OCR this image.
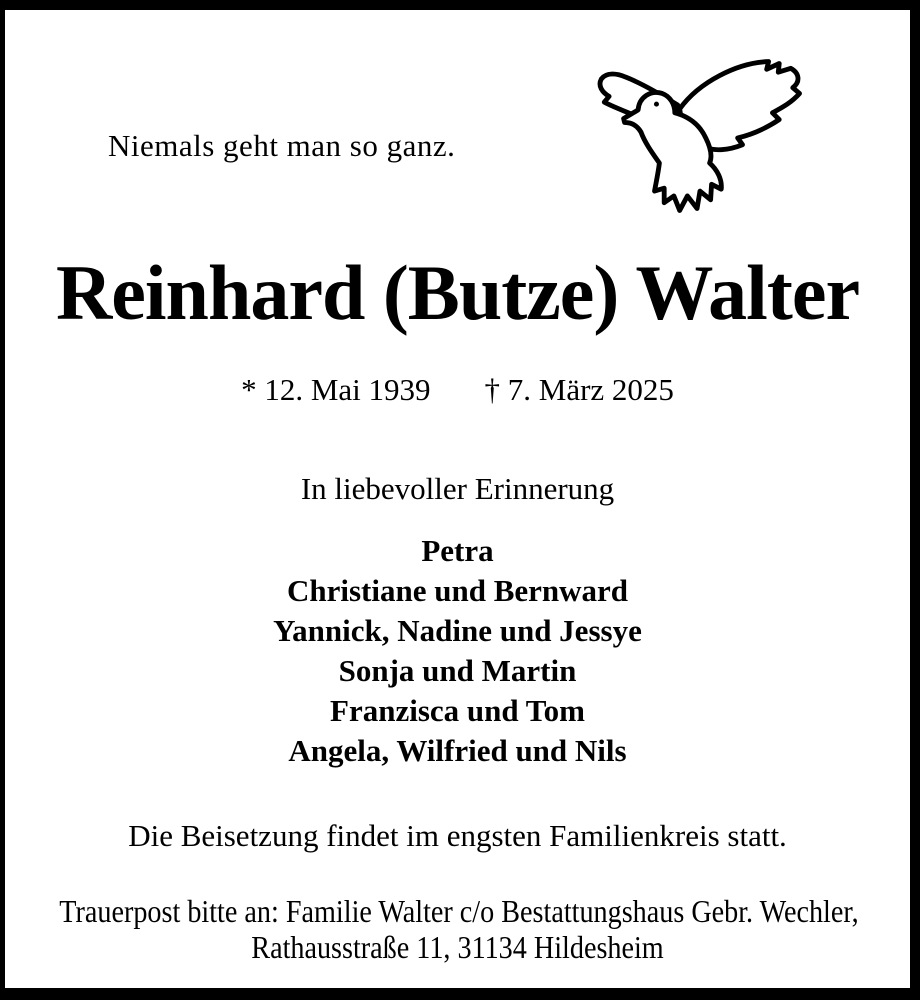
Niemals geht man so ganz.
Reinhard (Butze) Walter
* 12. Mai 1939 † 7. März 2025
In liebevoller Erinnerung
Petra
Christiane und Bernward
Yannick, Nadine und Jessye
Sonja und Martin
Franzisca und Tom
Angela, Wilfried und Nils
Die Beisetzung findet im engsten Familienkreis statt.
Trauerpost bitte an: Familie Walter c/o Bestattungshaus Gebr. Wechler,
Rathausstraße 11, 31134 Hildesheim
